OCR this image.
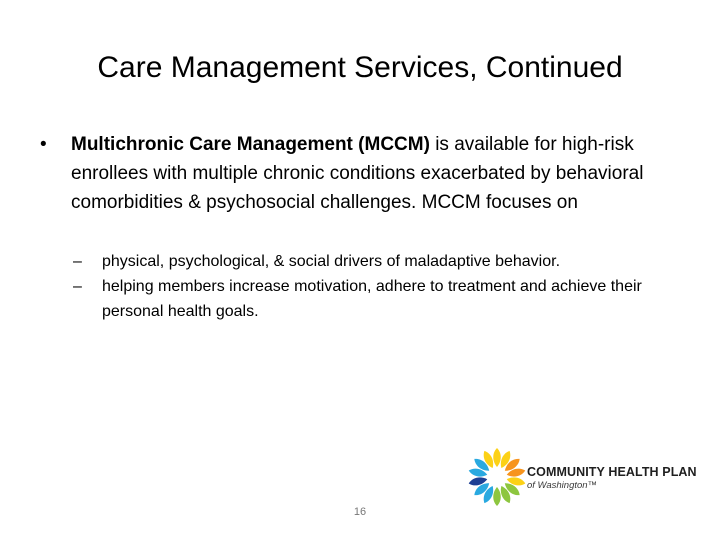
Care Management Services, Continued
•	Multichronic Care Management (MCCM) is available for high-risk enrollees with multiple chronic conditions exacerbated by behavioral comorbidities & psychosocial challenges. MCCM focuses on
–	physical, psychological, & social drivers of maladaptive behavior.
–	helping members increase motivation, adhere to treatment and achieve their personal health goals.
COMMUNITY HEALTH PLAN
of Washington™
16
